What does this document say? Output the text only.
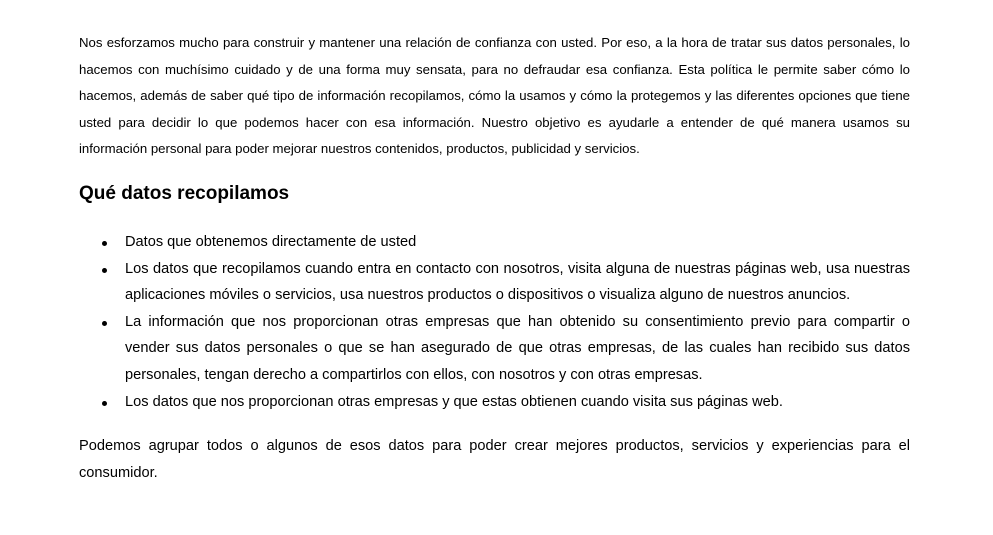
Nos esforzamos mucho para construir y mantener una relación de confianza con usted. Por eso, a la hora de tratar sus datos personales, lo hacemos con muchísimo cuidado y de una forma muy sensata, para no defraudar esa confianza. Esta política le permite saber cómo lo hacemos, además de saber qué tipo de información recopilamos, cómo la usamos y cómo la protegemos y las diferentes opciones que tiene usted para decidir lo que podemos hacer con esa información. Nuestro objetivo es ayudarle a entender de qué manera usamos su información personal para poder mejorar nuestros contenidos, productos, publicidad y servicios.

Qué datos recopilamos
Datos que obtenemos directamente de usted
Los datos que recopilamos cuando entra en contacto con nosotros, visita alguna de nuestras páginas web, usa nuestras aplicaciones móviles o servicios, usa nuestros productos o dispositivos o visualiza alguno de nuestros anuncios.
La información que nos proporcionan otras empresas que han obtenido su consentimiento previo para compartir o vender sus datos personales o que se han asegurado de que otras empresas, de las cuales han recibido sus datos personales, tengan derecho a compartirlos con ellos, con nosotros y con otras empresas.
Los datos que nos proporcionan otras empresas y que estas obtienen cuando visita sus páginas web.

Podemos agrupar todos o algunos de esos datos para poder crear mejores productos, servicios y experiencias para el consumidor.
